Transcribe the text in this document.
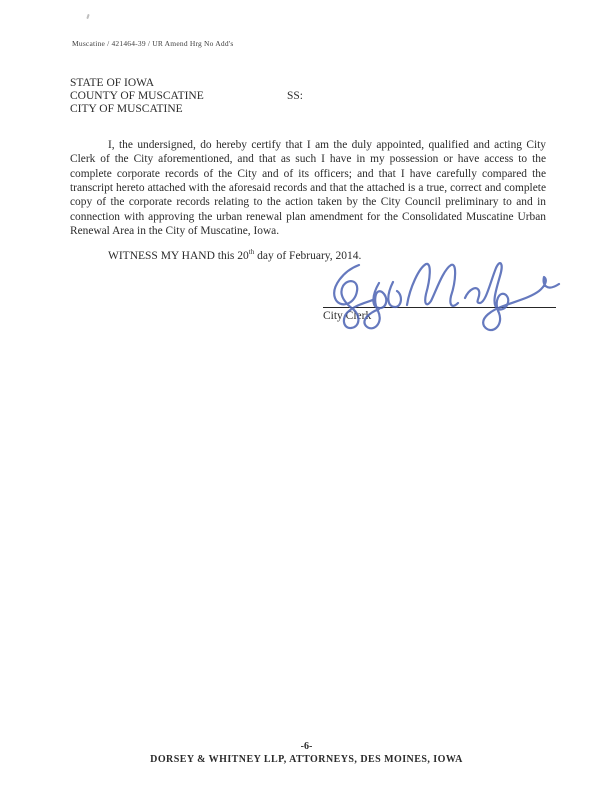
Muscatine / 421464-39 / UR Amend Hrg No Add's
STATE OF IOWA
COUNTY OF MUSCATINE
CITY OF MUSCATINE
SS:
I, the undersigned, do hereby certify that I am the duly appointed, qualified and acting City Clerk of the City aforementioned, and that as such I have in my possession or have access to the complete corporate records of the City and of its officers; and that I have carefully compared the transcript hereto attached with the aforesaid records and that the attached is a true, correct and complete copy of the corporate records relating to the action taken by the City Council preliminary to and in connection with approving the urban renewal plan amendment for the Consolidated Muscatine Urban Renewal Area in the City of Muscatine, Iowa.
WITNESS MY HAND this 20th day of February, 2014.
City Clerk
-6-
DORSEY & WHITNEY LLP, ATTORNEYS, DES MOINES, IOWA
